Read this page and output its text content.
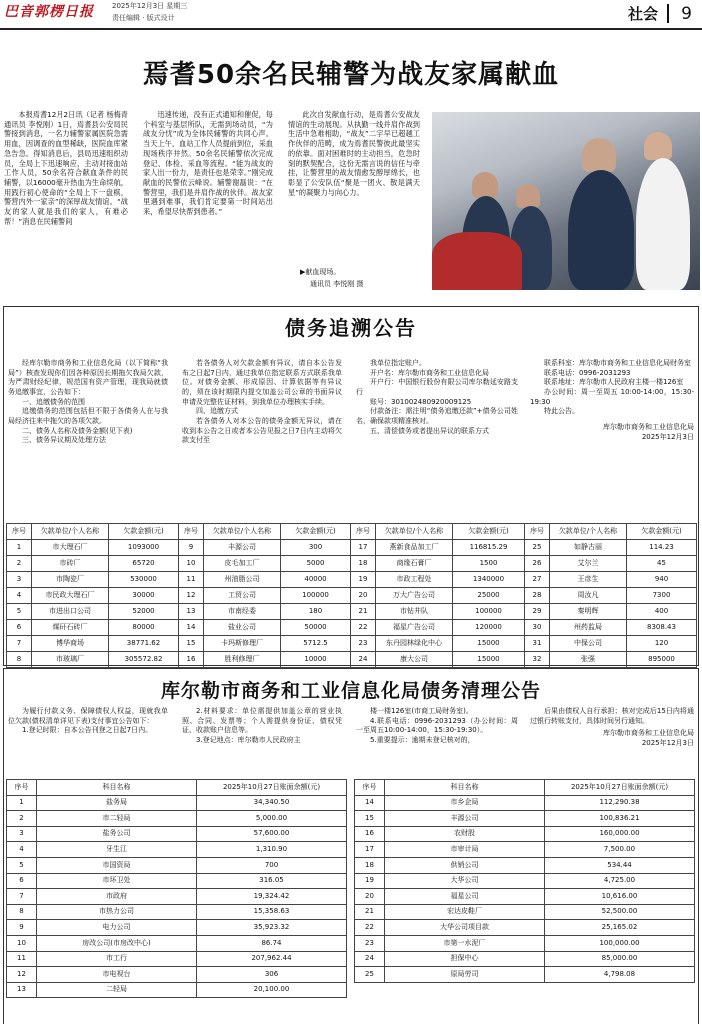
巴音郭楞日报	2025年12月3日 星期三
责任编辑 · 版式设计	社会 9
焉耆50余名民辅警为战友家属献血

本报焉耆12月2日讯（记者 杨梅青 通讯员 李悦刚）1日，焉耆县公安局民警接到消息，一名力辅警家属医院急需用血，因调查的血型稀缺，医院血库紧急告急。得知消息后，县局迅速组织动员，全局上下迅速响应，主动对接血站工作人员，50余名符合献血条件的民辅警，以16000毫升热血为生命续航，用践行初心使命的“全局上下一盘棋，警营内外一家亲”的深厚战友情谊。“战友的家人就是我们的家人，有难必帮！”消息在民辅警间

迅速传递，没有正式通知和催促，每个科室与基层所队，无需到场动员，“为战友分忧”成为全体民辅警的共同心声。当天上午，血站工作人员提前到位，采血现场秩序井然。50余名民辅警依次完成登记、体检、采血等流程。“能为战友的家人出一份力，是责任也是荣幸。”刚完成献血的民警依云峰说。辅警谢磊说：“在警营里，我们是并肩作战的伙伴。战友家里遇到难事，我们肯定要第一时间站出来，希望尽快帮到患者。”

此次自发献血行动，是焉耆公安战友情谊的生动展现。从执勤一线并肩作战到生活中急难相助，“战友”二字早已超越工作伙伴的范畴，成为焉耆民警彼此最坚实的依靠。面对困难时的主动担当，危急时刻的默契配合，这份无需言说的信任与牵挂，让警营里的战友情愈发醇厚绵长，也彰显了公安队伍“聚是一团火、散是满天星”的凝聚力与向心力。

▶献血现场。
通讯员 李悦刚 摄
债务追溯公告

经库尔勒市商务和工业信息化局（以下简称“我局”）核查发现你们因各种原因长期拖欠我局欠款，为严肃财经纪律，规范国有资产管理，现我局就债务追缴事宜，公告如下：

一、追缴债务的范围

追缴债务的范围包括但不限于各债务人在与我局经济往来中拖欠的各项欠款。

二、债务人名称及债务金额(见下表)

三、债务异议期及处理方法

若各债务人对欠款金额有异议，请自本公告发布之日起7日内，通过我单位指定联系方式联系我单位。对债务金额、形成原因、计算依据等有异议的，须在该时期限内提交加盖公司公章的书面异议申请及完整佐证材料，到我单位办理核实手续。

四、追缴方式

若各债务人对本公告的债务金额无异议，请在收到本公告之日或者本公告见报之日7日内主动将欠款支付至

我单位指定账户。

开户名：库尔勒市商务和工业信息化局

开户行：中国银行股份有限公司库尔勒延安路支行

账号：301002480920009125

付款备注：需注明“债务追缴还款”+债务公司姓名，确保款项精准核对。

五、清偿债务或者提出异议的联系方式

联系科室：库尔勒市商务和工业信息化局财务室

联系电话：0996-2031293

联系地址：库尔勒市人民政府主楼一楼126室

办公时间：周一至周五 10:00-14:00，15:30-19:30

特此公告。

库尔勒市商务和工业信息化局

2025年12月3日

序号	欠款单位/个人名称	欠款金额(元)	序号	欠款单位/个人名称	欠款金额(元)	序号	欠款单位/个人名称	欠款金额(元)	序号	欠款单位/个人名称	欠款金额(元)
1	市大理石厂	1093000	9	丰源公司	300	17	燕新食品加工厂	116815.29	25	如静古丽	114.23
2	市砖厂	65720	10	皮毛加工厂	5000	18	商缘石膏厂	1500	26	艾尔兰	45
3	市陶瓷厂	530000	11	州油脂公司	40000	19	市政工程处	1340000	27	王彦生	940
4	市民政大理石厂	30000	12	工贸公司	100000	20	万大广告公司	25000	28	周汝凡	7300
5	市进出口公司	52000	13	市南经委	180	21	市钻井队	100000	29	秦明辉	400
6	煤矸石砖厂	80000	14	盐业公司	50000	22	福星广告公司	120000	30	州药监局	8308.43
7	博华商场	38771.62	15	卡玛斯修理厂	5712.5	23	东丹园林绿化中心	15000	31	中保公司	120
8	市玻璃厂	305572.82	16	胜利修理厂	10000	24	康大公司	15000	32	张强	895000
库尔勒市商务和工业信息化局债务清理公告

为履行付款义务、保障债权人权益，现就我单位欠款(债权清单详见下表)支付事宜公告如下：

1.登记时限：自本公告刊登之日起7日内。

2.材料要求：单位需提供加盖公章的营业执照、合同、发票等；个人需提供身份证、债权凭证、收款账户信息等。

3.登记地点：库尔勒市人民政府主

楼一楼126室(市商工局财务室)。

4.联系电话：0996-2031293（办公时间：周一至周五10:00-14:00，15:30-19:30）。

5.重要提示：逾期未登记核对的，

后果由债权人自行承担；核对完成后15日内将通过银行转账支付，具体时间另行通知。

库尔勒市商务和工业信息化局

2025年12月3日

序号	科目名称	2025年10月27日账面余额(元)
1	盐务局	34,340.50
2	市二轻局	5,000.00
3	盐务公司	57,600.00
4	牙生江	1,310.90
5	市国资局	700
6	市环卫处	316.05
7	市政府	19,324.42
8	市热力公司	15,358.63
9	电力公司	35,923.32
10	房改公司(市房改中心)	86.74
11	市工行	207,962.44
12	市电视台	306
13	二轻局	20,100.00
序号	科目名称	2025年10月27日账面余额(元)
14	市乡企局	112,290.38
15	丰源公司	100,836.21
16	农财股	160,000.00
17	市审计局	7,500.00
18	供销公司	534.44
19	大华公司	4,725.00
20	福星公司	10,616.00
21	宏达皮鞋厂	52,500.00
22	大华公司项目款	25,165.02
23	市第一水泥厂	100,000.00
24	担保中心	85,000.00
25	原局劳司	4,798.08
